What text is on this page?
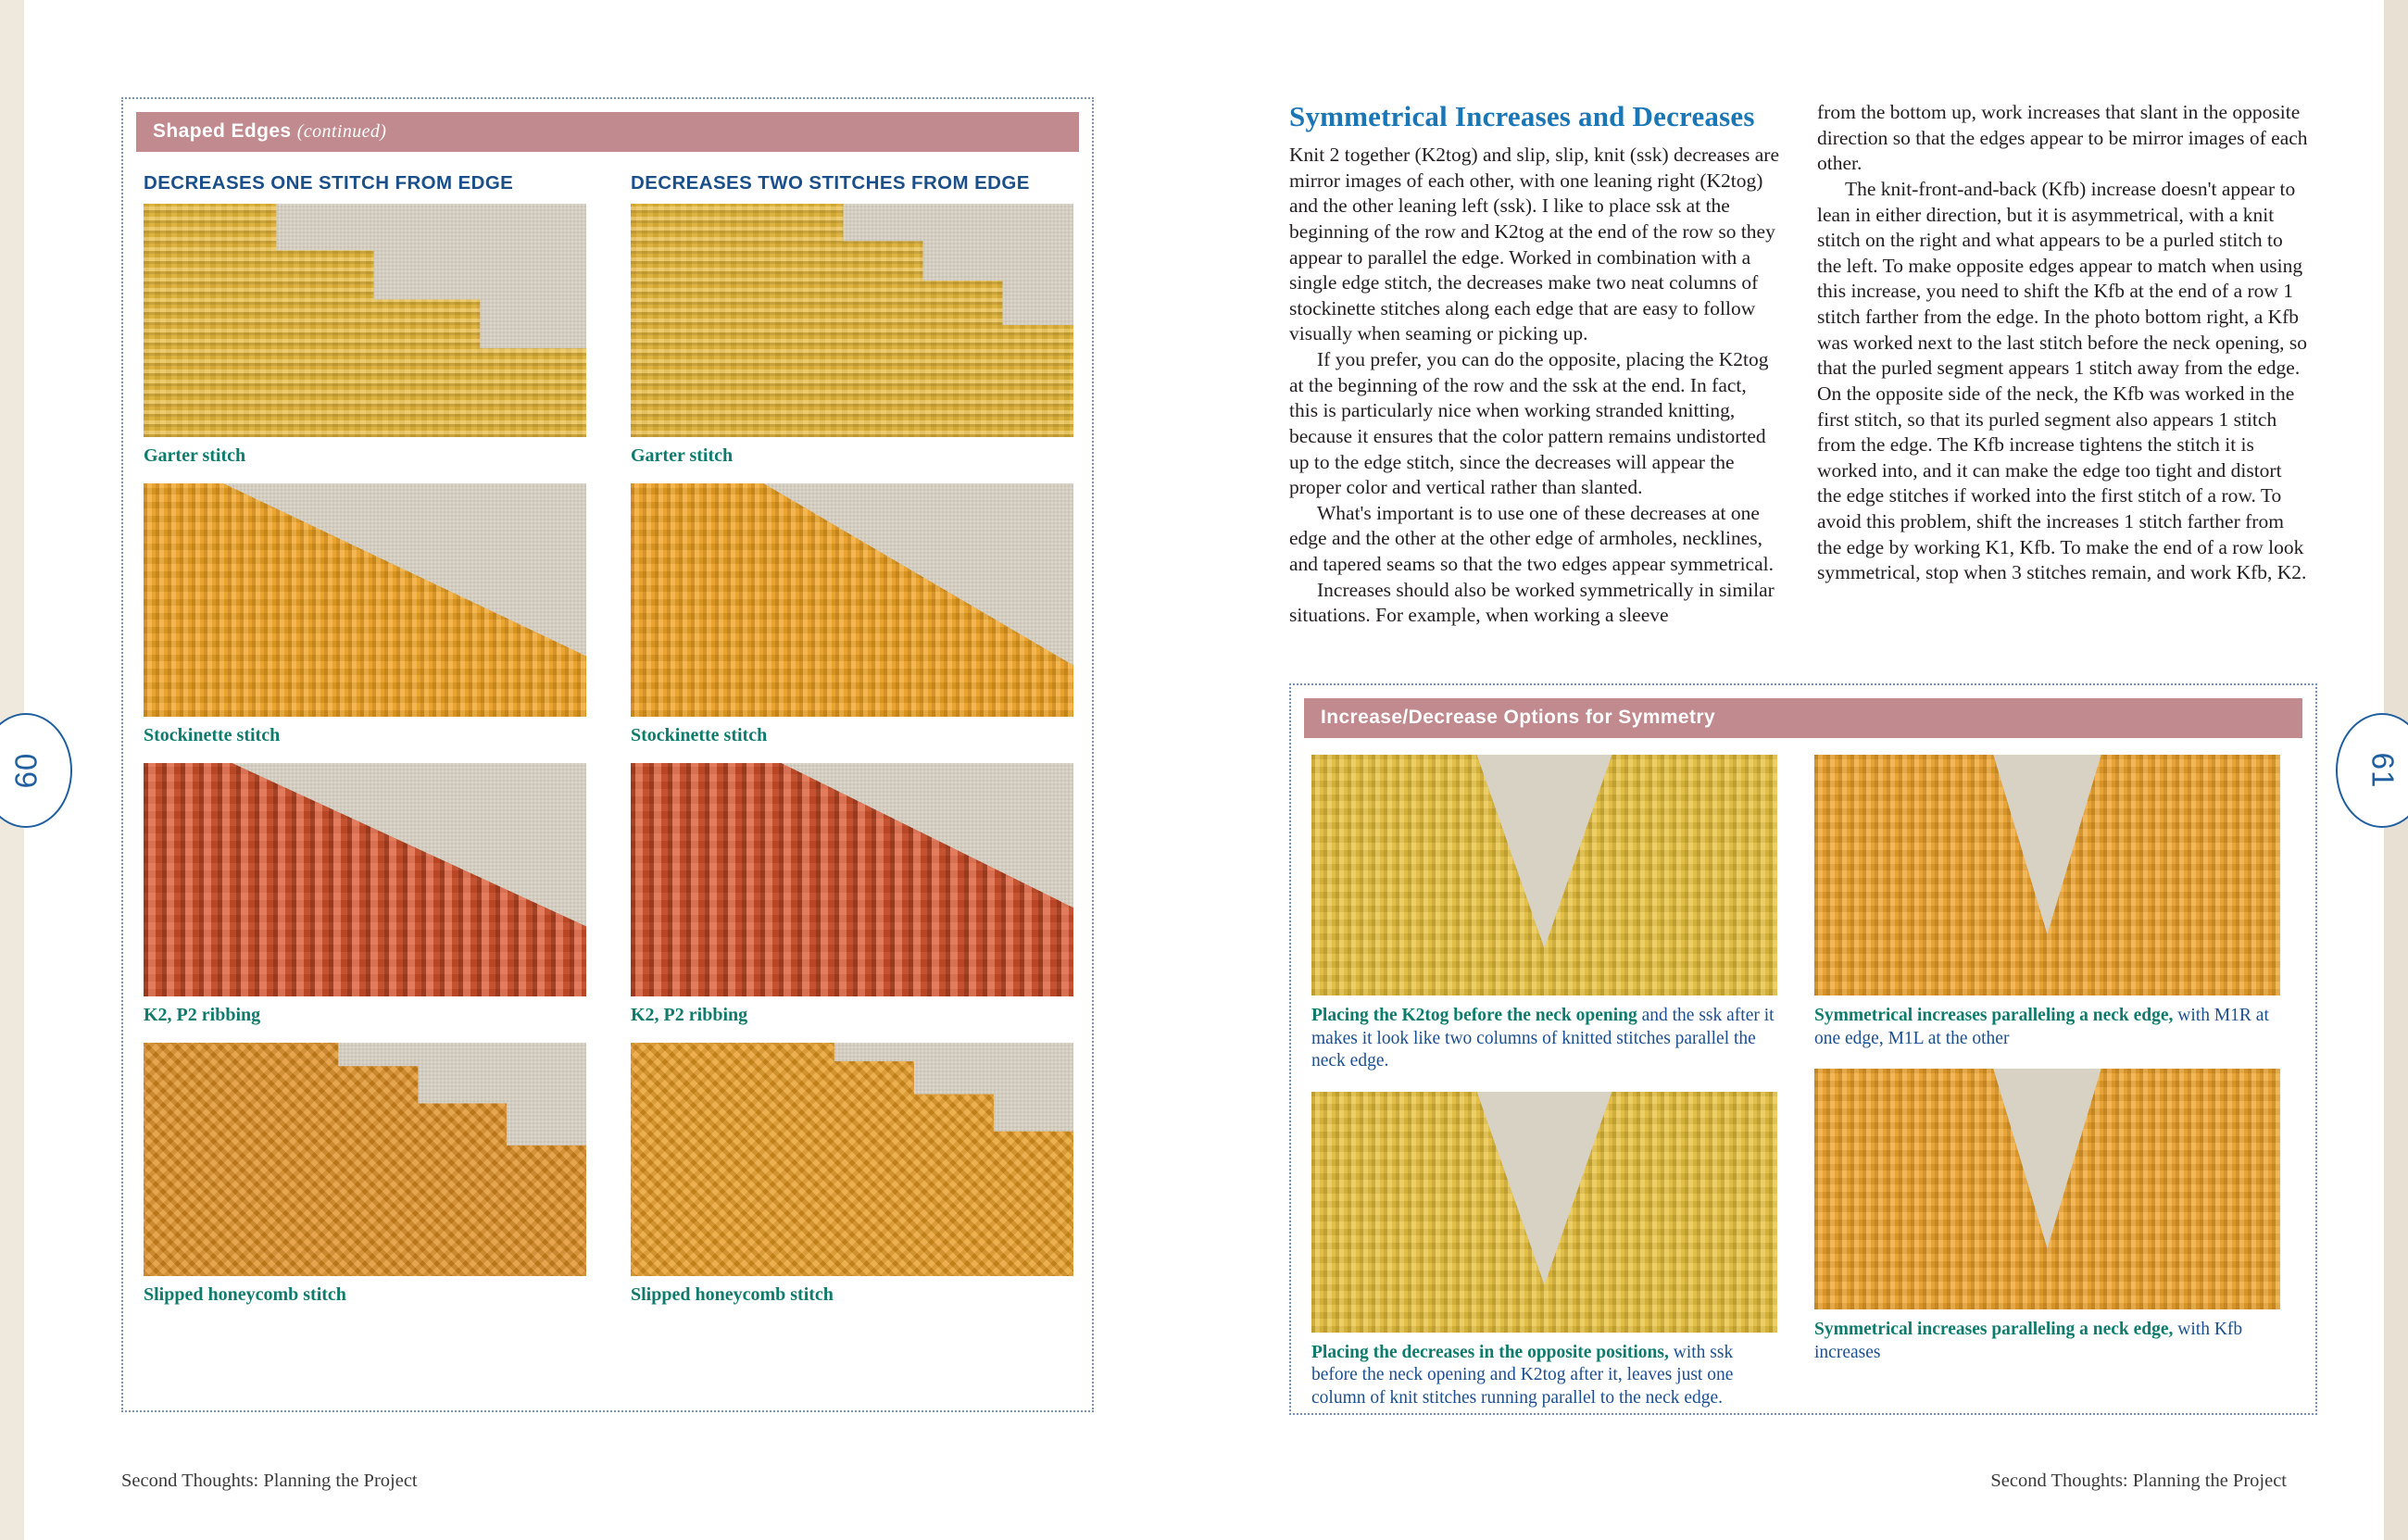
60
Shaped Edges (continued)
DECREASES ONE STITCH FROM EDGE	DECREASES TWO STITCHES FROM EDGE
Garter stitch
Stockinette stitch
K2, P2 ribbing
Slipped honeycomb stitch
Garter stitch
Stockinette stitch
K2, P2 ribbing
Slipped honeycomb stitch
Second Thoughts: Planning the Project
61
Symmetrical Increases and Decreases

Knit 2 together (K2tog) and slip, slip, knit (ssk) decreases are mirror images of each other, with one leaning right (K2tog) and the other leaning left (ssk). I like to place ssk at the beginning of the row and K2tog at the end of the row so they appear to parallel the edge. Worked in combination with a single edge stitch, the decreases make two neat columns of stockinette stitches along each edge that are easy to follow visually when seaming or picking up.

If you prefer, you can do the opposite, placing the K2tog at the beginning of the row and the ssk at the end. In fact, this is particularly nice when working stranded knitting, because it ensures that the color pattern remains undistorted up to the edge stitch, since the decreases will appear the proper color and vertical rather than slanted.

What's important is to use one of these decreases at one edge and the other at the other edge of armholes, necklines, and tapered seams so that the two edges appear symmetrical.

Increases should also be worked symmetrically in similar situations. For example, when working a sleeve

from the bottom up, work increases that slant in the opposite direction so that the edges appear to be mirror images of each other.

The knit-front-and-back (Kfb) increase doesn't appear to lean in either direction, but it is asymmetrical, with a knit stitch on the right and what appears to be a purled stitch to the left. To make opposite edges appear to match when using this increase, you need to shift the Kfb at the end of a row 1 stitch farther from the edge. In the photo bottom right, a Kfb was worked next to the last stitch before the neck opening, so that the purled segment appears 1 stitch away from the edge. On the opposite side of the neck, the Kfb was worked in the first stitch, so that its purled segment also appears 1 stitch from the edge. The Kfb increase tightens the stitch it is worked into, and it can make the edge too tight and distort the edge stitches if worked into the first stitch of a row. To avoid this problem, shift the increases 1 stitch farther from the edge by working K1, Kfb. To make the end of a row look symmetrical, stop when 3 stitches remain, and work Kfb, K2.

Increase/Decrease Options for Symmetry
Placing the K2tog before the neck opening and the ssk after it makes it look like two columns of knitted stitches parallel the neck edge.
Placing the decreases in the opposite positions, with ssk before the neck opening and K2tog after it, leaves just one column of knit stitches running parallel to the neck edge.
Symmetrical increases paralleling a neck edge, with M1R at one edge, M1L at the other
Symmetrical increases paralleling a neck edge, with Kfb increases
Second Thoughts: Planning the Project
